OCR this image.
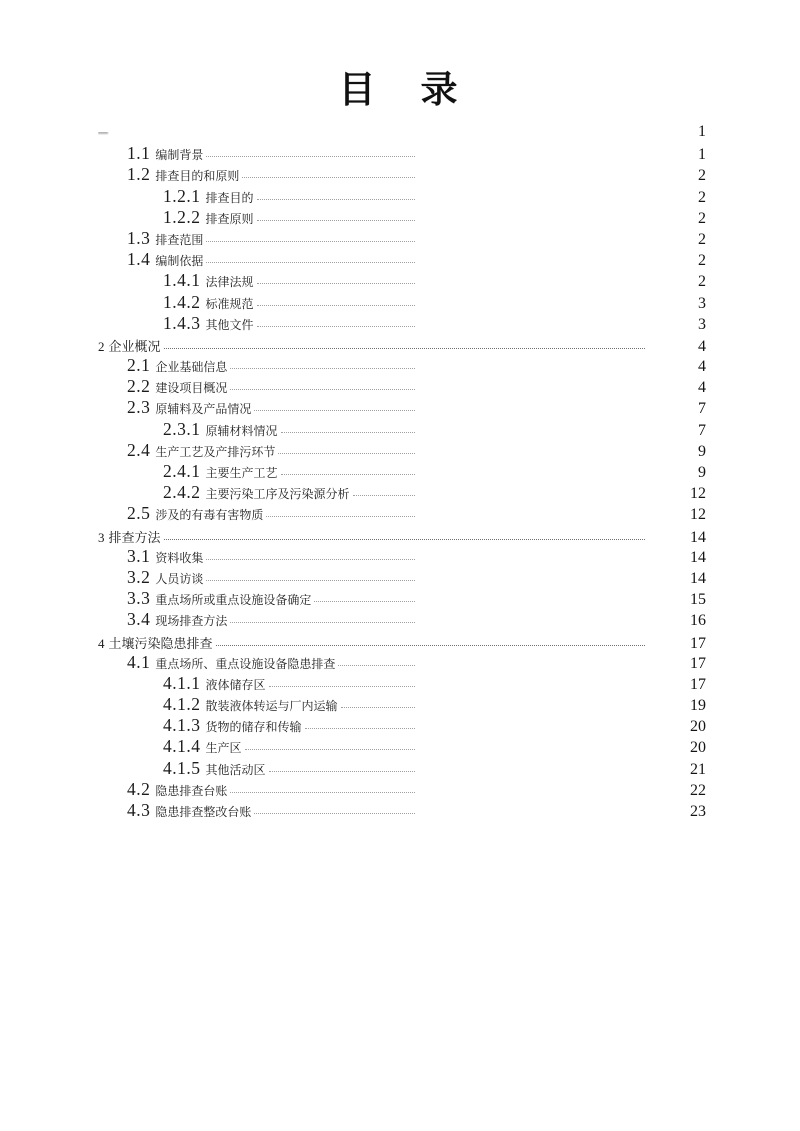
目　录
1
1.1 编制背景	1
1.2 排查目的和原则	2
1.2.1 排查目的	2
1.2.2 排查原则	2
1.3 排查范围	2
1.4 编制依据	2
1.4.1 法律法规	2
1.4.2 标准规范	3
1.4.3 其他文件	3
2 企业概况	4
2.1 企业基础信息	4
2.2 建设项目概况	4
2.3 原辅料及产品情况	7
2.3.1 原辅材料情况	7
2.4 生产工艺及产排污环节	9
2.4.1 主要生产工艺	9
2.4.2 主要污染工序及污染源分析	12
2.5 涉及的有毒有害物质	12
3 排查方法	14
3.1 资料收集	14
3.2 人员访谈	14
3.3 重点场所或重点设施设备确定	15
3.4 现场排查方法	16
4 土壤污染隐患排查	17
4.1 重点场所、重点设施设备隐患排查	17
4.1.1 液体储存区	17
4.1.2 散装液体转运与厂内运输	19
4.1.3 货物的储存和传输	20
4.1.4 生产区	20
4.1.5 其他活动区	21
4.2 隐患排查台账	22
4.3 隐患排查整改台账	23
